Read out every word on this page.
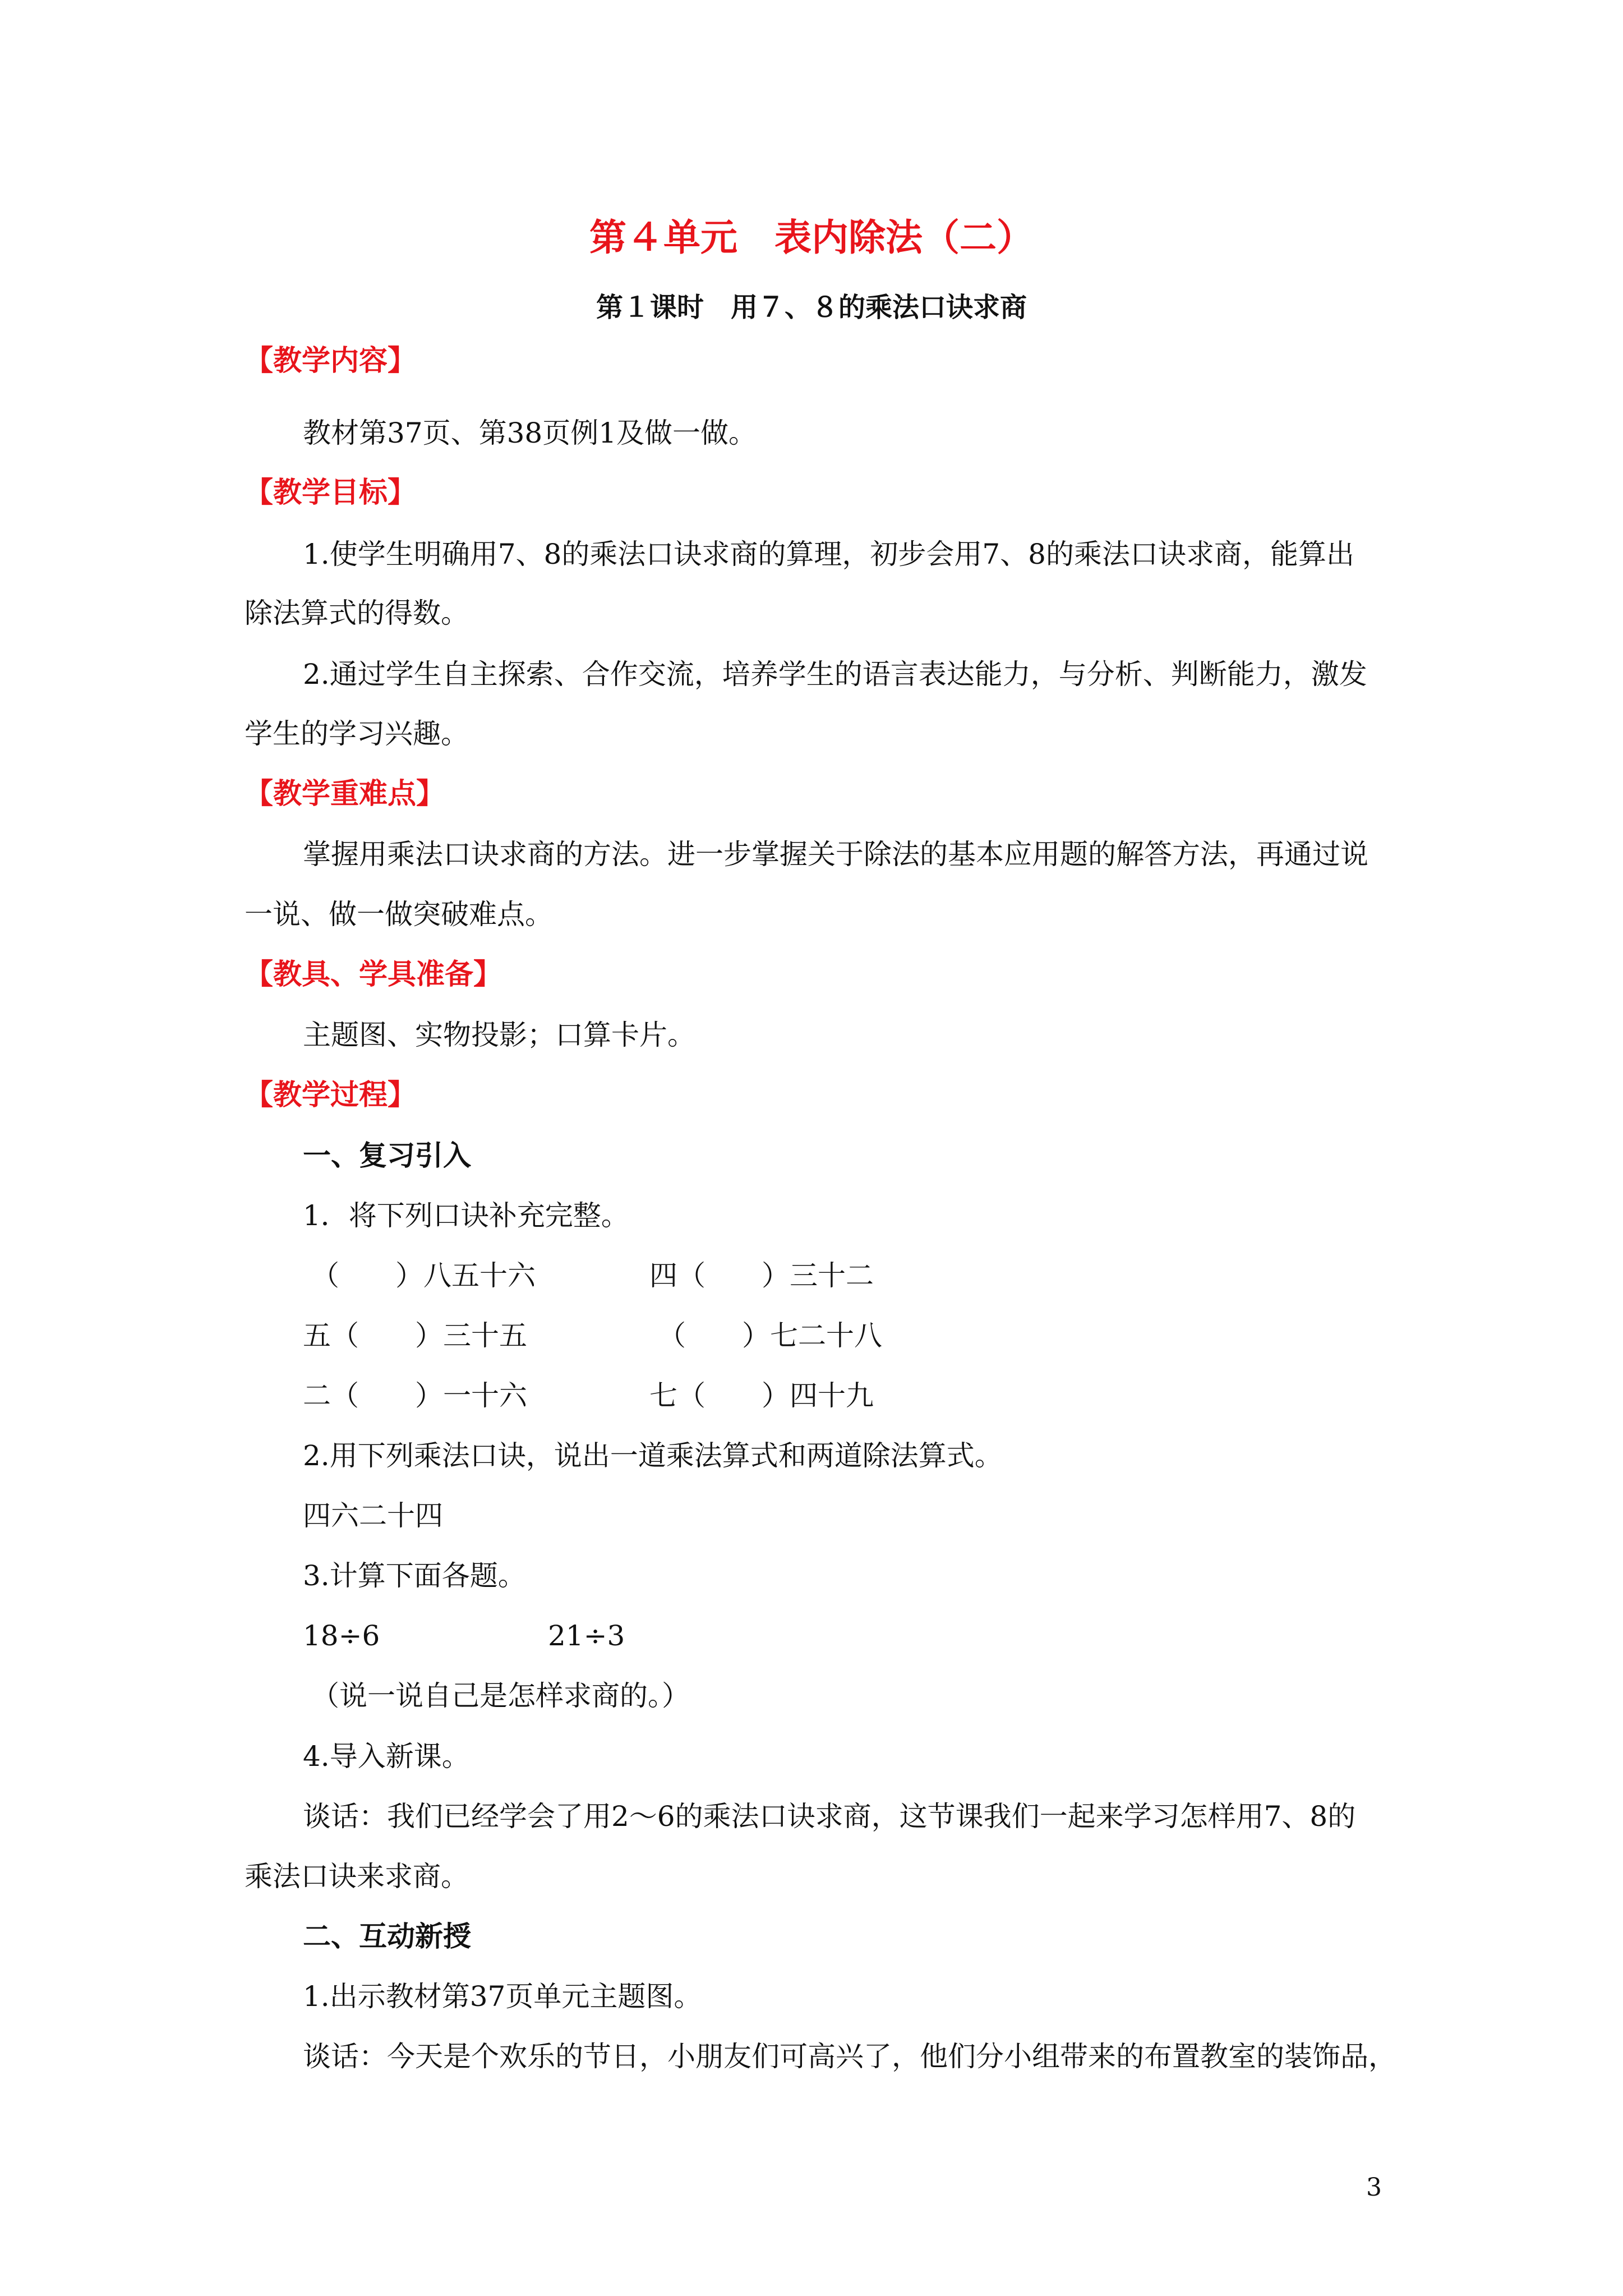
第４单元　表内除法（二）
第１课时　用７、８的乘法口诀求商
【教学内容】
教材第37页、第38页例1及做一做。
【教学目标】
1.使学生明确用7、8的乘法口诀求商的算理，初步会用7、8的乘法口诀求商，能算出
除法算式的得数。
2.通过学生自主探索、合作交流，培养学生的语言表达能力，与分析、判断能力，激发
学生的学习兴趣。
【教学重难点】
掌握用乘法口诀求商的方法。进一步掌握关于除法的基本应用题的解答方法，再通过说
一说、做一做突破难点。
【教具、学具准备】
主题图、实物投影；口算卡片。
【教学过程】
一、复习引入
1．将下列口诀补充完整。
（　　）八五十六	四（　　）三十二
五（　　）三十五	（　　）七二十八
二（　　）一十六	七（　　）四十九
2.用下列乘法口诀，说出一道乘法算式和两道除法算式。
四六二十四
3.计算下面各题。
18÷6	21÷3
（说一说自己是怎样求商的。）
4.导入新课。
谈话：我们已经学会了用2～6的乘法口诀求商，这节课我们一起来学习怎样用7、8的
乘法口诀来求商。
二、互动新授
1.出示教材第37页单元主题图。
谈话：今天是个欢乐的节日，小朋友们可高兴了，他们分小组带来的布置教室的装饰品，
3
